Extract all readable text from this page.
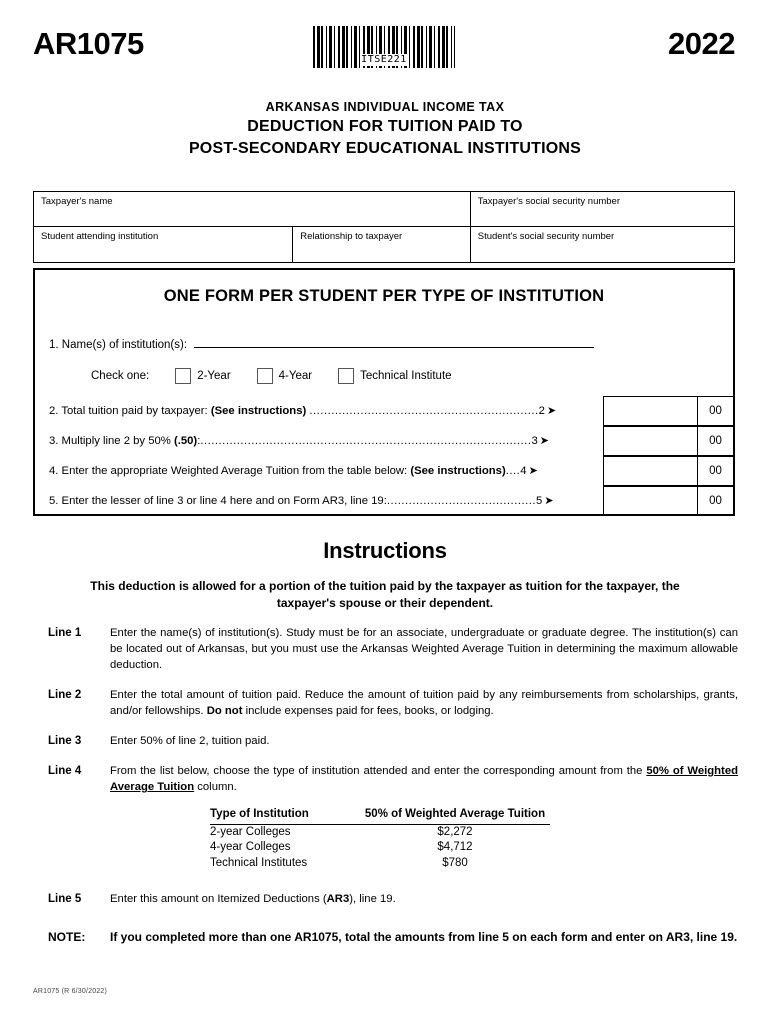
AR1075	ITSE221	2022
ARKANSAS INDIVIDUAL INCOME TAX
DEDUCTION FOR TUITION PAID TO
POST-SECONDARY EDUCATIONAL INSTITUTIONS
Taxpayer's name	Taxpayer's social security number
Student attending institution	Relationship to taxpayer	Student's social security number
ONE FORM PER STUDENT PER TYPE OF INSTITUTION
1. Name(s) of institution(s):
Check one:	2-Year	4-Year	Technical Institute
2. Total tuition paid by taxpayer: (See instructions) ...............................................................2 ➤	00
3. Multiply line 2 by 50% (.50):...........................................................................................3 ➤	00
4. Enter the appropriate Weighted Average Tuition from the table below: (See instructions)....4 ➤	00
5. Enter the lesser of line 3 or line 4 here and on Form AR3, line 19:.........................................5 ➤	00
Instructions
This deduction is allowed for a portion of the tuition paid by the taxpayer as tuition for the taxpayer, the taxpayer's spouse or their dependent.
Line 1	Enter the name(s) of institution(s). Study must be for an associate, undergraduate or graduate degree. The institution(s) can be located out of Arkansas, but you must use the Arkansas Weighted Average Tuition in determining the maximum allowable deduction.
Line 2	Enter the total amount of tuition paid. Reduce the amount of tuition paid by any reimbursements from scholarships, grants, and/or fellowships. Do not include expenses paid for fees, books, or lodging.
Line 3	Enter 50% of line 2, tuition paid.
Line 4	From the list below, choose the type of institution attended and enter the corresponding amount from the 50% of Weighted Average Tuition column.
Type of Institution	50% of Weighted Average Tuition
2-year Colleges	$2,272
4-year Colleges	$4,712
Technical Institutes	$780
Line 5	Enter this amount on Itemized Deductions (AR3), line 19.
NOTE:	If you completed more than one AR1075, total the amounts from line 5 on each form and enter on AR3, line 19.
AR1075 (R 6/30/2022)
